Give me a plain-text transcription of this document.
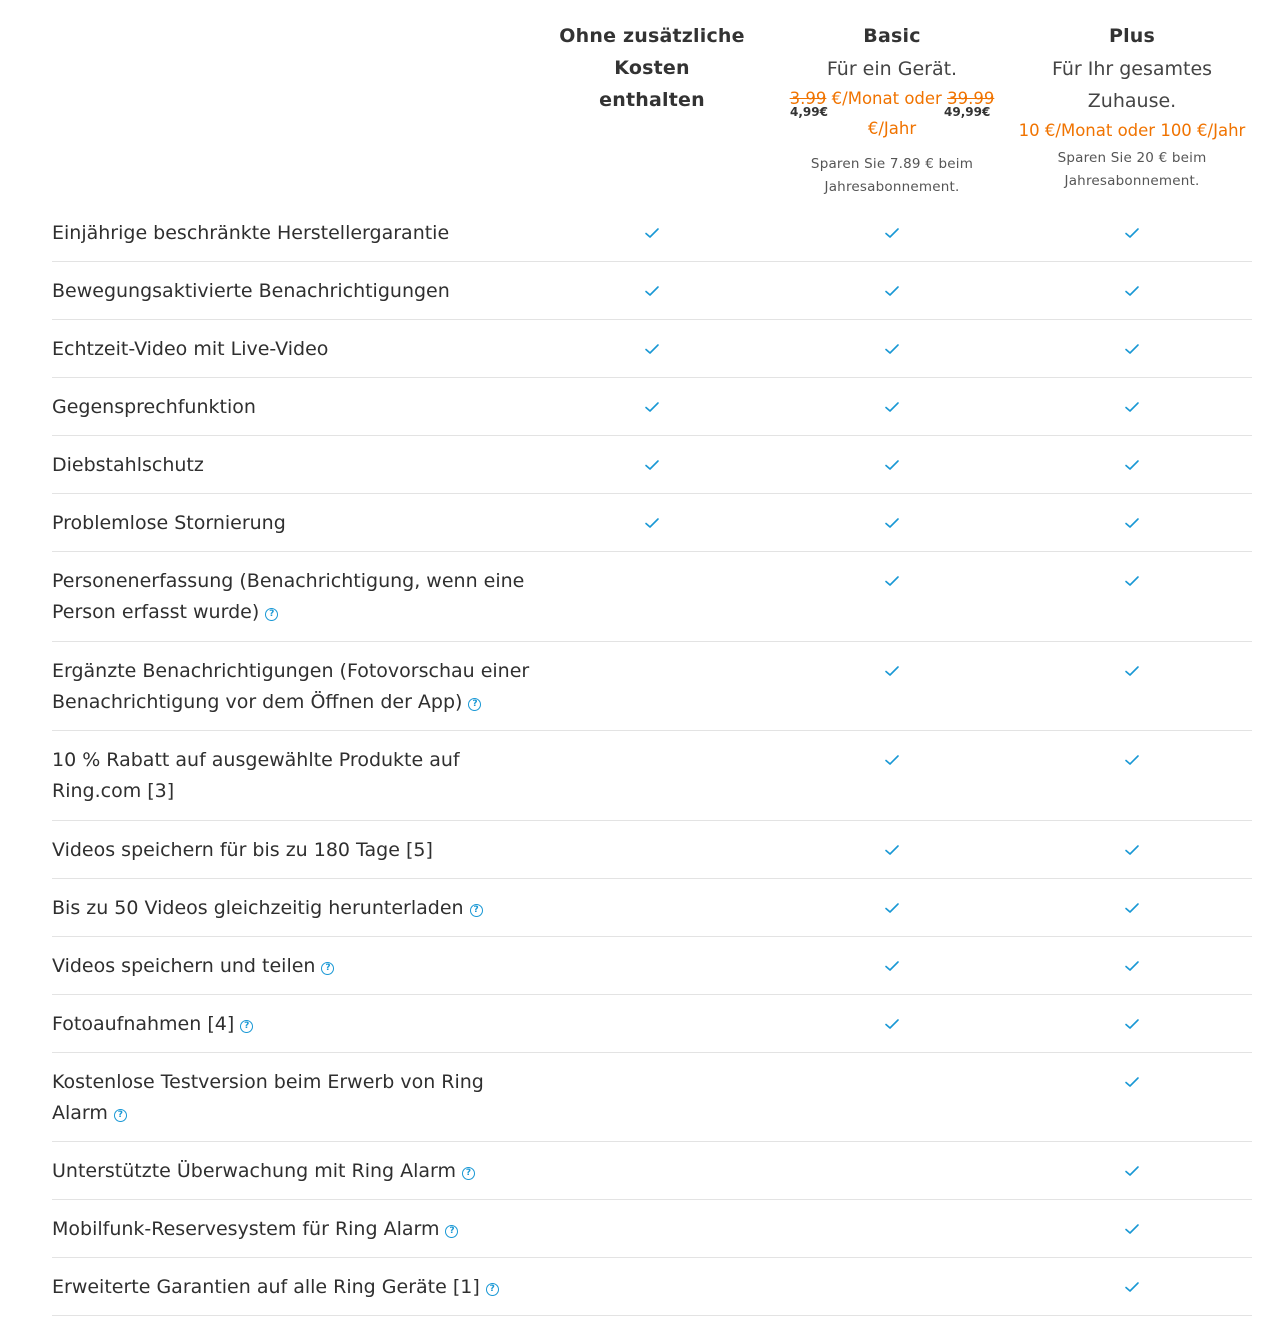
Ohne zusätzliche Kosten
enthalten
Basic
Für ein Gerät.
3.99 €/Monat oder 39.99
4,99€	49,99€
€/Jahr
Sparen Sie 7.89 € beim
Jahresabonnement.
Plus
Für Ihr gesamtes Zuhause.
10 €/Monat oder 100 €/Jahr
Sparen Sie 20 € beim
Jahresabonnement.
Einjährige beschränkte Herstellergarantie
Bewegungsaktivierte Benachrichtigungen
Echtzeit-Video mit Live-Video
Gegensprechfunktion
Diebstahlschutz
Problemlose Stornierung
Personenerfassung (Benachrichtigung, wenn eine Person erfasst wurde) ?
Ergänzte Benachrichtigungen (Fotovorschau einer Benachrichtigung vor dem Öffnen der App) ?
10 % Rabatt auf ausgewählte Produkte auf Ring.com [3]
Videos speichern für bis zu 180 Tage [5]
Bis zu 50 Videos gleichzeitig herunterladen ?
Videos speichern und teilen ?
Fotoaufnahmen [4] ?
Kostenlose Testversion beim Erwerb von Ring Alarm ?
Unterstützte Überwachung mit Ring Alarm ?
Mobilfunk-Reservesystem für Ring Alarm ?
Erweiterte Garantien auf alle Ring Geräte [1] ?
